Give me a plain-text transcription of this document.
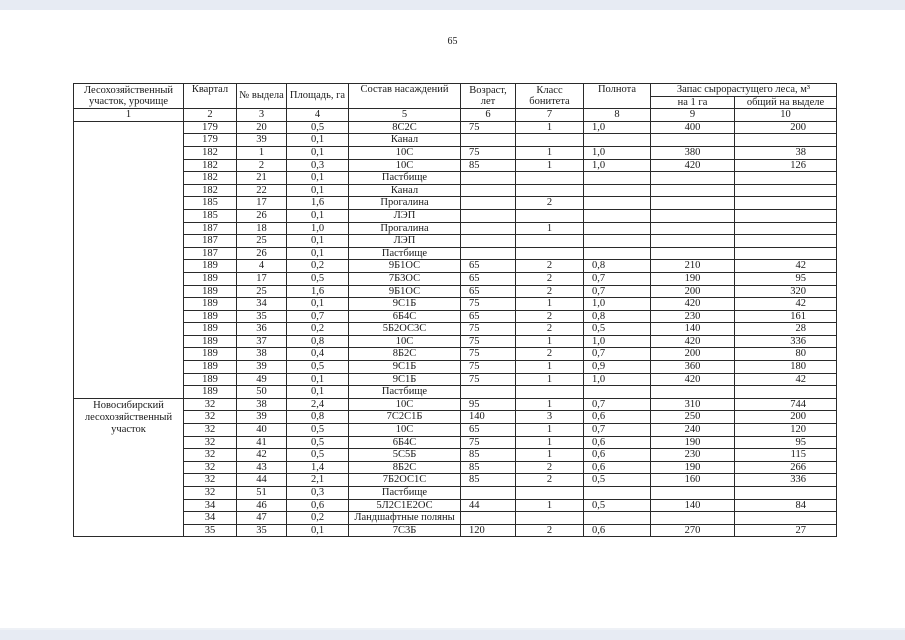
65
Лесохозяйственный участок, урочище	Квартал	№ выдела	Площадь, га	Состав насаждений	Возраст, лет	Класс бонитета	Полнота	Запас сырорастущего леса, м³	
								на 1 га	общий на выделе
1	2	3	4	5	6	7	8	9	10
	179	20	0,5	8С2С	75	1	1,0	400	200
	179	39	0,1	Канал					
	182	1	0,1	10С	75	1	1,0	380	38
	182	2	0,3	10С	85	1	1,0	420	126
	182	21	0,1	Пастбище					
	182	22	0,1	Канал					
	185	17	1,6	Прогалина		2			
	185	26	0,1	ЛЭП					
	187	18	1,0	Прогалина		1			
	187	25	0,1	ЛЭП					
	187	26	0,1	Пастбище					
	189	4	0,2	9Б1ОС	65	2	0,8	210	42
	189	17	0,5	7Б3ОС	65	2	0,7	190	95
	189	25	1,6	9Б1ОС	65	2	0,7	200	320
	189	34	0,1	9С1Б	75	1	1,0	420	42
	189	35	0,7	6Б4С	65	2	0,8	230	161
	189	36	0,2	5Б2ОС3С	75	2	0,5	140	28
	189	37	0,8	10С	75	1	1,0	420	336
	189	38	0,4	8Б2С	75	2	0,7	200	80
	189	39	0,5	9С1Б	75	1	0,9	360	180
	189	49	0,1	9С1Б	75	1	1,0	420	42
	189	50	0,1	Пастбище					
Новосибирский лесохозяйственный участок	32	38	2,4	10С	95	1	0,7	310	744
	32	39	0,8	7С2С1Б	140	3	0,6	250	200
	32	40	0,5	10С	65	1	0,7	240	120
	32	41	0,5	6Б4С	75	1	0,6	190	95
	32	42	0,5	5С5Б	85	1	0,6	230	115
	32	43	1,4	8Б2С	85	2	0,6	190	266
	32	44	2,1	7Б2ОС1С	85	2	0,5	160	336
	32	51	0,3	Пастбище					
	34	46	0,6	5Л2С1Е2ОС	44	1	0,5	140	84
	34	47	0,2	Ландшафтные поляны					
	35	35	0,1	7С3Б	120	2	0,6	270	27
